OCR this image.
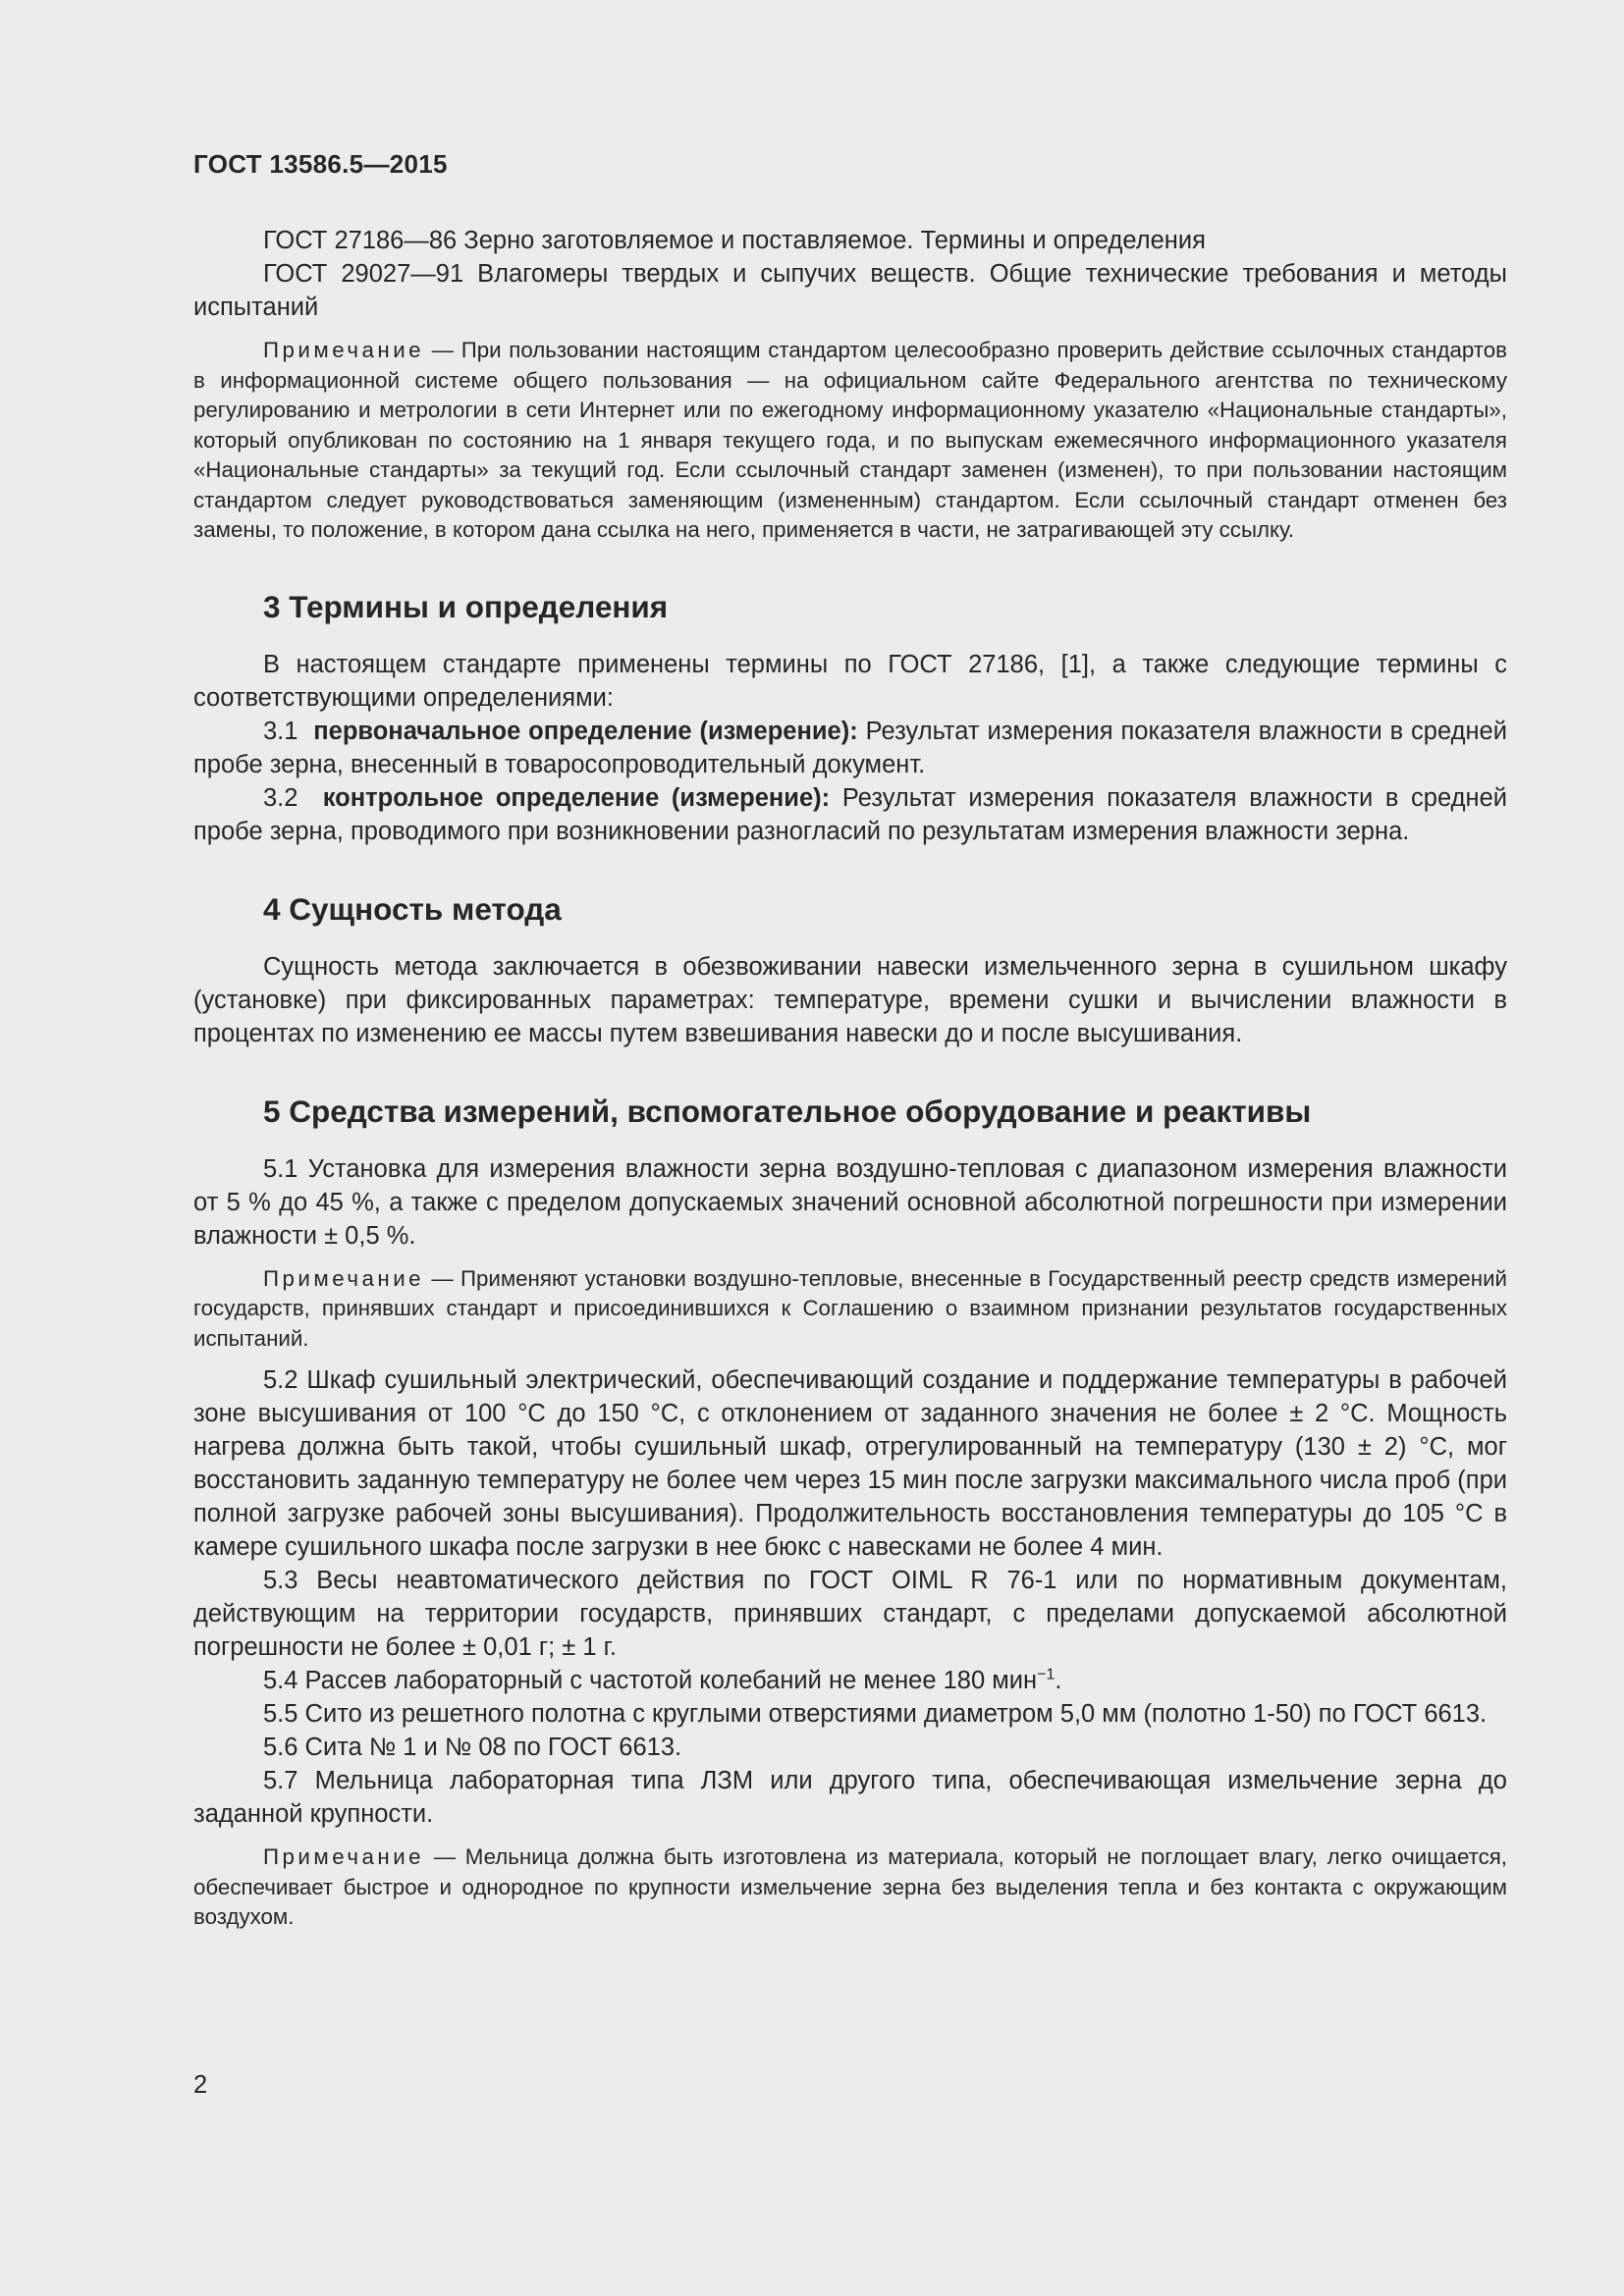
ГОСТ 13586.5—2015

ГОСТ 27186—86 Зерно заготовляемое и поставляемое. Термины и определения

ГОСТ 29027—91 Влагомеры твердых и сыпучих веществ. Общие технические требования и методы испытаний

Примечание — При пользовании настоящим стандартом целесообразно проверить действие ссылочных стандартов в информационной системе общего пользования — на официальном сайте Федерального агентства по техническому регулированию и метрологии в сети Интернет или по ежегодному информационному указателю «Национальные стандарты», который опубликован по состоянию на 1 января текущего года, и по выпускам ежемесячного информационного указателя «Национальные стандарты» за текущий год. Если ссылочный стандарт заменен (изменен), то при пользовании настоящим стандартом следует руководствоваться заменяющим (измененным) стандартом. Если ссылочный стандарт отменен без замены, то положение, в котором дана ссылка на него, применяется в части, не затрагивающей эту ссылку.

3 Термины и определения

В настоящем стандарте применены термины по ГОСТ 27186, [1], а также следующие термины с соответствующими определениями:

3.1 первоначальное определение (измерение): Результат измерения показателя влажности в средней пробе зерна, внесенный в товаросопроводительный документ.

3.2 контрольное определение (измерение): Результат измерения показателя влажности в средней пробе зерна, проводимого при возникновении разногласий по результатам измерения влажности зерна.

4 Сущность метода

Сущность метода заключается в обезвоживании навески измельченного зерна в сушильном шкафу (установке) при фиксированных параметрах: температуре, времени сушки и вычислении влажности в процентах по изменению ее массы путем взвешивания навески до и после высушивания.

5 Средства измерений, вспомогательное оборудование и реактивы

5.1 Установка для измерения влажности зерна воздушно-тепловая с диапазоном измерения влажности от 5 % до 45 %, а также с пределом допускаемых значений основной абсолютной погрешности при измерении влажности ± 0,5 %.

Примечание — Применяют установки воздушно-тепловые, внесенные в Государственный реестр средств измерений государств, принявших стандарт и присоединившихся к Соглашению о взаимном признании результатов государственных испытаний.

5.2 Шкаф сушильный электрический, обеспечивающий создание и поддержание температуры в рабочей зоне высушивания от 100 °С до 150 °С, с отклонением от заданного значения не более ± 2 °С. Мощность нагрева должна быть такой, чтобы сушильный шкаф, отрегулированный на температуру (130 ± 2) °С, мог восстановить заданную температуру не более чем через 15 мин после загрузки максимального числа проб (при полной загрузке рабочей зоны высушивания). Продолжительность восстановления температуры до 105 °С в камере сушильного шкафа после загрузки в нее бюкс с навесками не более 4 мин.

5.3 Весы неавтоматического действия по ГОСТ OIML R 76-1 или по нормативным документам, действующим на территории государств, принявших стандарт, с пределами допускаемой абсолютной погрешности не более ± 0,01 г; ± 1 г.

5.4 Рассев лабораторный с частотой колебаний не менее 180 мин$^{-1}$.

5.5 Сито из решетного полотна с круглыми отверстиями диаметром 5,0 мм (полотно 1-50) по ГОСТ 6613.

5.6 Сита № 1 и № 08 по ГОСТ 6613.

5.7 Мельница лабораторная типа ЛЗМ или другого типа, обеспечивающая измельчение зерна до заданной крупности.

Примечание — Мельница должна быть изготовлена из материала, который не поглощает влагу, легко очищается, обеспечивает быстрое и однородное по крупности измельчение зерна без выделения тепла и без контакта с окружающим воздухом.

2
